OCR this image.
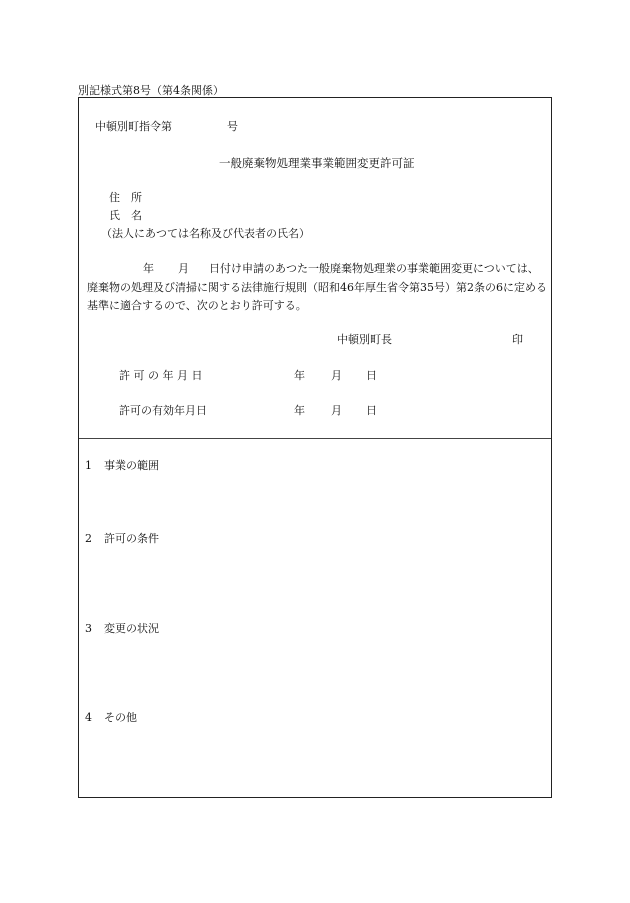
別記様式第8号（第4条関係）
中頓別町指令第	号
一般廃棄物処理業事業範囲変更許可証
住　所
氏　名
（法人にあつては名称及び代表者の氏名）
年 月 日付け申請のあつた一般廃棄物処理業の事業範囲変更については、廃棄物の処理及び清掃に関する法律施行規則（昭和46年厚生省令第35号）第2条の6に定める基準に適合するので、次のとおり許可する。
中頓別町長	印
許 可 の 年 月 日	年 月 日
許可の有効年月日	年 月 日
1 事業の範囲
2 許可の条件
3 変更の状況
4 その他
